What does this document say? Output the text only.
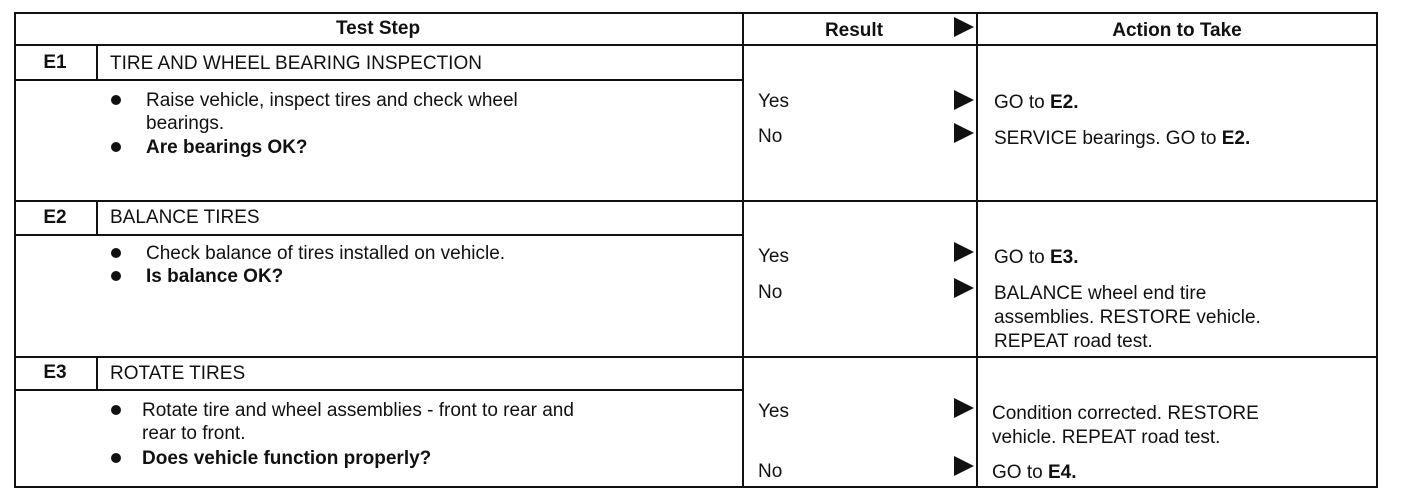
Test Step	Result	Action to Take
E1	TIRE AND WHEEL BEARING INSPECTION
Raise vehicle, inspect tires and check wheel
bearings.
Are bearings OK?
Yes	GO to E2.
No	SERVICE bearings. GO to E2.
E2	BALANCE TIRES
Check balance of tires installed on vehicle.
Is balance OK?
Yes	GO to E3.
No	BALANCE wheel end tire
assemblies. RESTORE vehicle.
REPEAT road test.
E3	ROTATE TIRES
Rotate tire and wheel assemblies - front to rear and
rear to front.
Does vehicle function properly?
Yes	Condition corrected. RESTORE
vehicle. REPEAT road test.
No	GO to E4.
